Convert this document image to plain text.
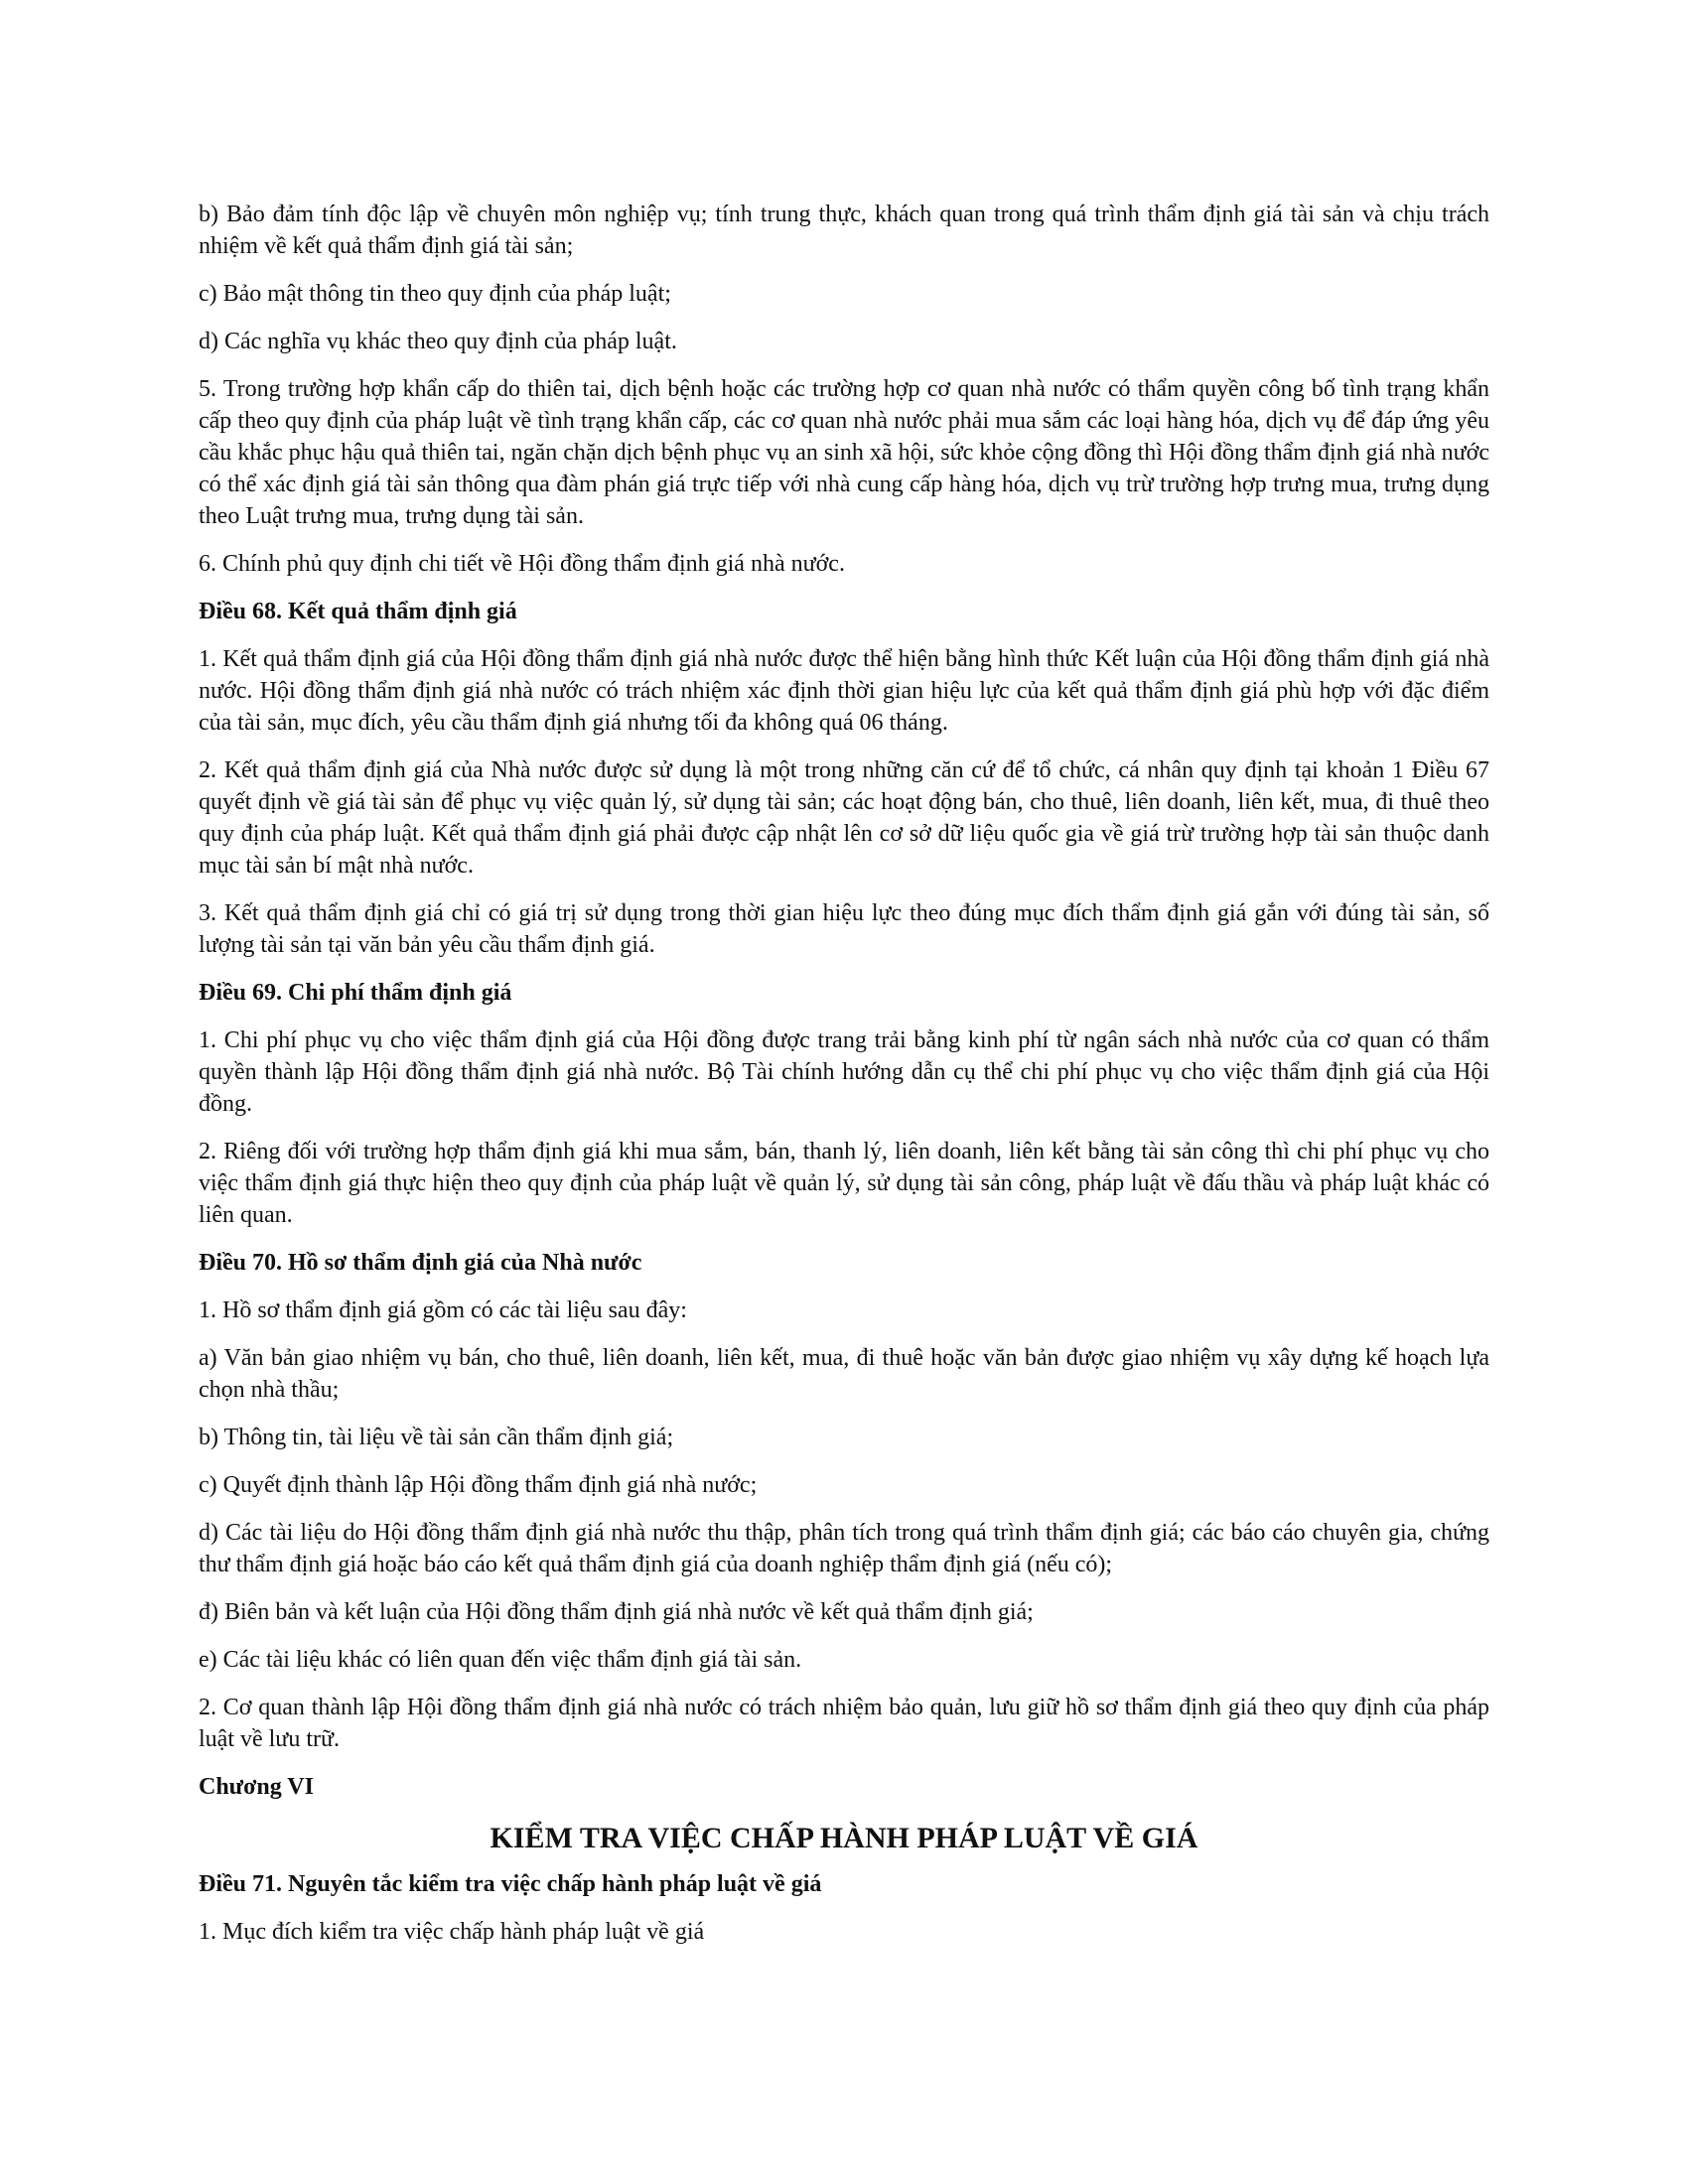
b) Bảo đảm tính độc lập về chuyên môn nghiệp vụ; tính trung thực, khách quan trong quá trình thẩm định giá tài sản và chịu trách nhiệm về kết quả thẩm định giá tài sản;

c) Bảo mật thông tin theo quy định của pháp luật;

d) Các nghĩa vụ khác theo quy định của pháp luật.

5. Trong trường hợp khẩn cấp do thiên tai, dịch bệnh hoặc các trường hợp cơ quan nhà nước có thẩm quyền công bố tình trạng khẩn cấp theo quy định của pháp luật về tình trạng khẩn cấp, các cơ quan nhà nước phải mua sắm các loại hàng hóa, dịch vụ để đáp ứng yêu cầu khắc phục hậu quả thiên tai, ngăn chặn dịch bệnh phục vụ an sinh xã hội, sức khỏe cộng đồng thì Hội đồng thẩm định giá nhà nước có thể xác định giá tài sản thông qua đàm phán giá trực tiếp với nhà cung cấp hàng hóa, dịch vụ trừ trường hợp trưng mua, trưng dụng theo Luật trưng mua, trưng dụng tài sản.

6. Chính phủ quy định chi tiết về Hội đồng thẩm định giá nhà nước.

Điều 68. Kết quả thẩm định giá

1. Kết quả thẩm định giá của Hội đồng thẩm định giá nhà nước được thể hiện bằng hình thức Kết luận của Hội đồng thẩm định giá nhà nước. Hội đồng thẩm định giá nhà nước có trách nhiệm xác định thời gian hiệu lực của kết quả thẩm định giá phù hợp với đặc điểm của tài sản, mục đích, yêu cầu thẩm định giá nhưng tối đa không quá 06 tháng.

2. Kết quả thẩm định giá của Nhà nước được sử dụng là một trong những căn cứ để tổ chức, cá nhân quy định tại khoản 1 Điều 67 quyết định về giá tài sản để phục vụ việc quản lý, sử dụng tài sản; các hoạt động bán, cho thuê, liên doanh, liên kết, mua, đi thuê theo quy định của pháp luật. Kết quả thẩm định giá phải được cập nhật lên cơ sở dữ liệu quốc gia về giá trừ trường hợp tài sản thuộc danh mục tài sản bí mật nhà nước.

3. Kết quả thẩm định giá chỉ có giá trị sử dụng trong thời gian hiệu lực theo đúng mục đích thẩm định giá gắn với đúng tài sản, số lượng tài sản tại văn bản yêu cầu thẩm định giá.

Điều 69. Chi phí thẩm định giá

1. Chi phí phục vụ cho việc thẩm định giá của Hội đồng được trang trải bằng kinh phí từ ngân sách nhà nước của cơ quan có thẩm quyền thành lập Hội đồng thẩm định giá nhà nước. Bộ Tài chính hướng dẫn cụ thể chi phí phục vụ cho việc thẩm định giá của Hội đồng.

2. Riêng đối với trường hợp thẩm định giá khi mua sắm, bán, thanh lý, liên doanh, liên kết bằng tài sản công thì chi phí phục vụ cho việc thẩm định giá thực hiện theo quy định của pháp luật về quản lý, sử dụng tài sản công, pháp luật về đấu thầu và pháp luật khác có liên quan.

Điều 70. Hồ sơ thẩm định giá của Nhà nước

1. Hồ sơ thẩm định giá gồm có các tài liệu sau đây:

a) Văn bản giao nhiệm vụ bán, cho thuê, liên doanh, liên kết, mua, đi thuê hoặc văn bản được giao nhiệm vụ xây dựng kế hoạch lựa chọn nhà thầu;

b) Thông tin, tài liệu về tài sản cần thẩm định giá;

c) Quyết định thành lập Hội đồng thẩm định giá nhà nước;

d) Các tài liệu do Hội đồng thẩm định giá nhà nước thu thập, phân tích trong quá trình thẩm định giá; các báo cáo chuyên gia, chứng thư thẩm định giá hoặc báo cáo kết quả thẩm định giá của doanh nghiệp thẩm định giá (nếu có);

đ) Biên bản và kết luận của Hội đồng thẩm định giá nhà nước về kết quả thẩm định giá;

e) Các tài liệu khác có liên quan đến việc thẩm định giá tài sản.

2. Cơ quan thành lập Hội đồng thẩm định giá nhà nước có trách nhiệm bảo quản, lưu giữ hồ sơ thẩm định giá theo quy định của pháp luật về lưu trữ.

Chương VI
KIỂM TRA VIỆC CHẤP HÀNH PHÁP LUẬT VỀ GIÁ
Điều 71. Nguyên tắc kiểm tra việc chấp hành pháp luật về giá

1. Mục đích kiểm tra việc chấp hành pháp luật về giá
